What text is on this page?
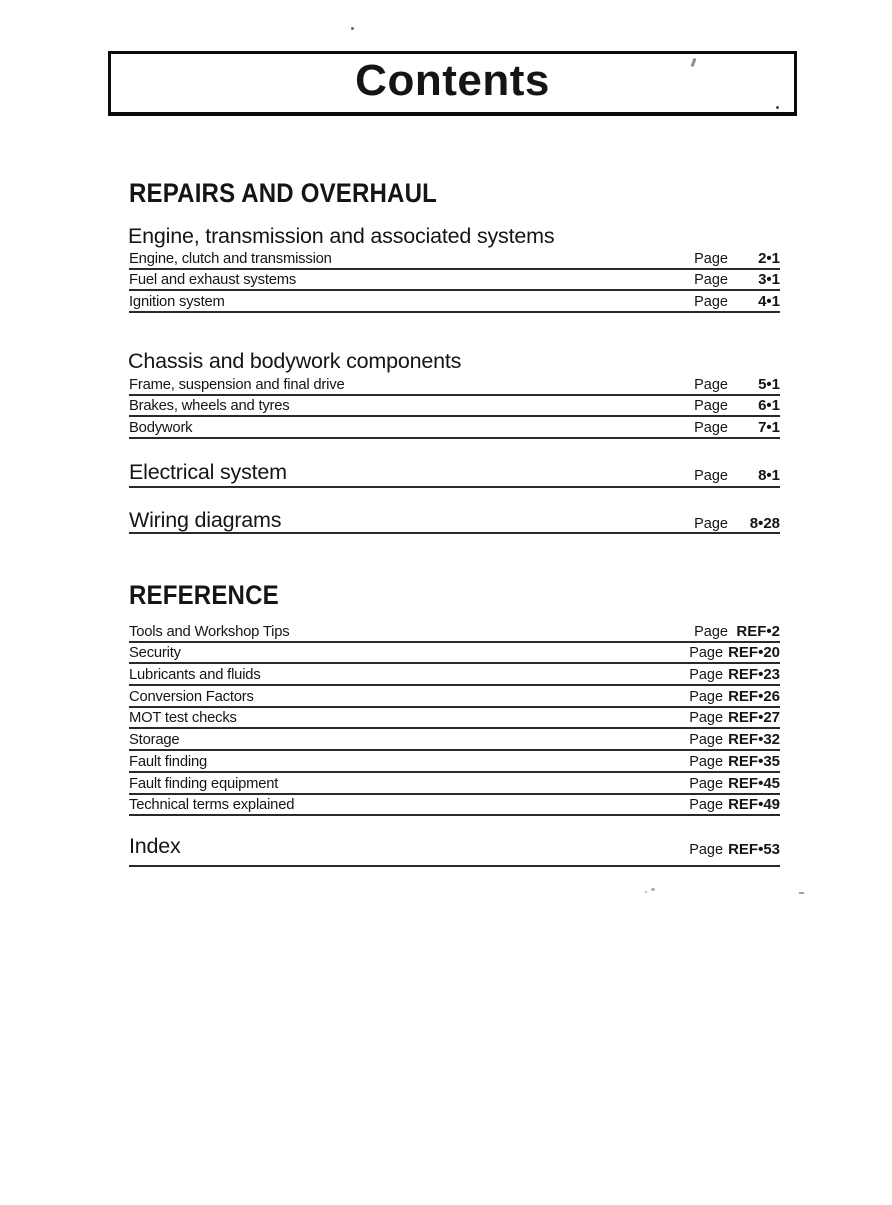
Contents
REPAIRS AND OVERHAUL
Engine, transmission and associated systems
Engine, clutch and transmission	Page	2•1
Fuel and exhaust systems	Page	3•1
Ignition system	Page	4•1
Chassis and bodywork components
Frame, suspension and final drive	Page	5•1
Brakes, wheels and tyres	Page	6•1
Bodywork	Page	7•1
Electrical system	Page	8•1
Wiring diagrams	Page	8•28
REFERENCE
Tools and Workshop Tips	Page REF•2
Security	Page REF•20
Lubricants and fluids	Page REF•23
Conversion Factors	Page REF•26
MOT test checks	Page REF•27
Storage	Page REF•32
Fault finding	Page REF•35
Fault finding equipment	Page REF•45
Technical terms explained	Page REF•49
Index	Page REF•53
